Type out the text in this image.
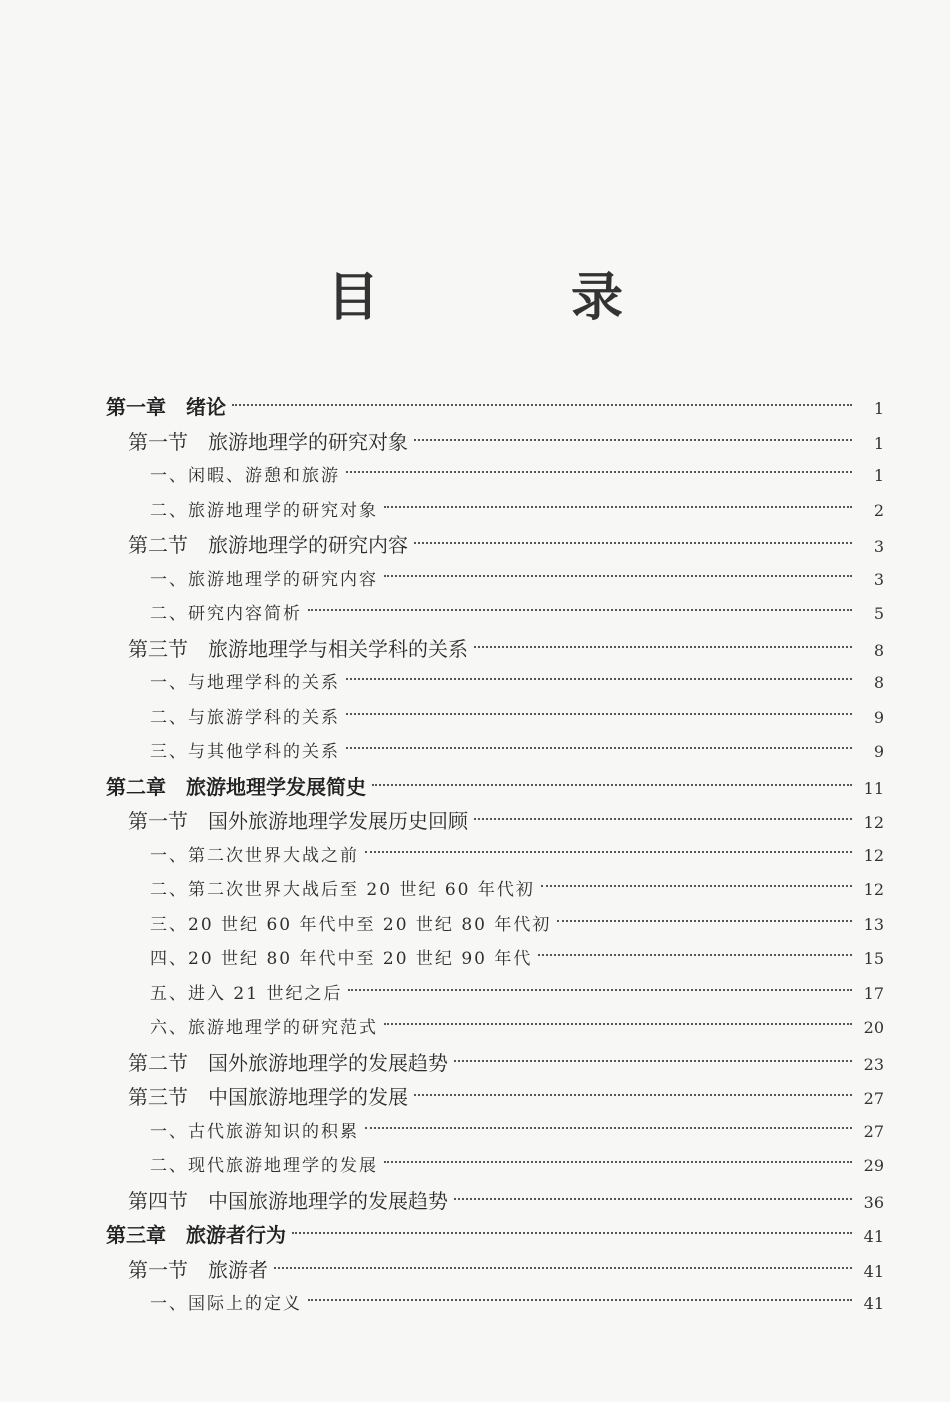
目　录
第一章　绪论	1
第一节　旅游地理学的研究对象	1
一、闲暇、游憩和旅游	1
二、旅游地理学的研究对象	2
第二节　旅游地理学的研究内容	3
一、旅游地理学的研究内容	3
二、研究内容简析	5
第三节　旅游地理学与相关学科的关系	8
一、与地理学科的关系	8
二、与旅游学科的关系	9
三、与其他学科的关系	9
第二章　旅游地理学发展简史	11
第一节　国外旅游地理学发展历史回顾	12
一、第二次世界大战之前	12
二、第二次世界大战后至 20 世纪 60 年代初	12
三、20 世纪 60 年代中至 20 世纪 80 年代初	13
四、20 世纪 80 年代中至 20 世纪 90 年代	15
五、进入 21 世纪之后	17
六、旅游地理学的研究范式	20
第二节　国外旅游地理学的发展趋势	23
第三节　中国旅游地理学的发展	27
一、古代旅游知识的积累	27
二、现代旅游地理学的发展	29
第四节　中国旅游地理学的发展趋势	36
第三章　旅游者行为	41
第一节　旅游者	41
一、国际上的定义	41
